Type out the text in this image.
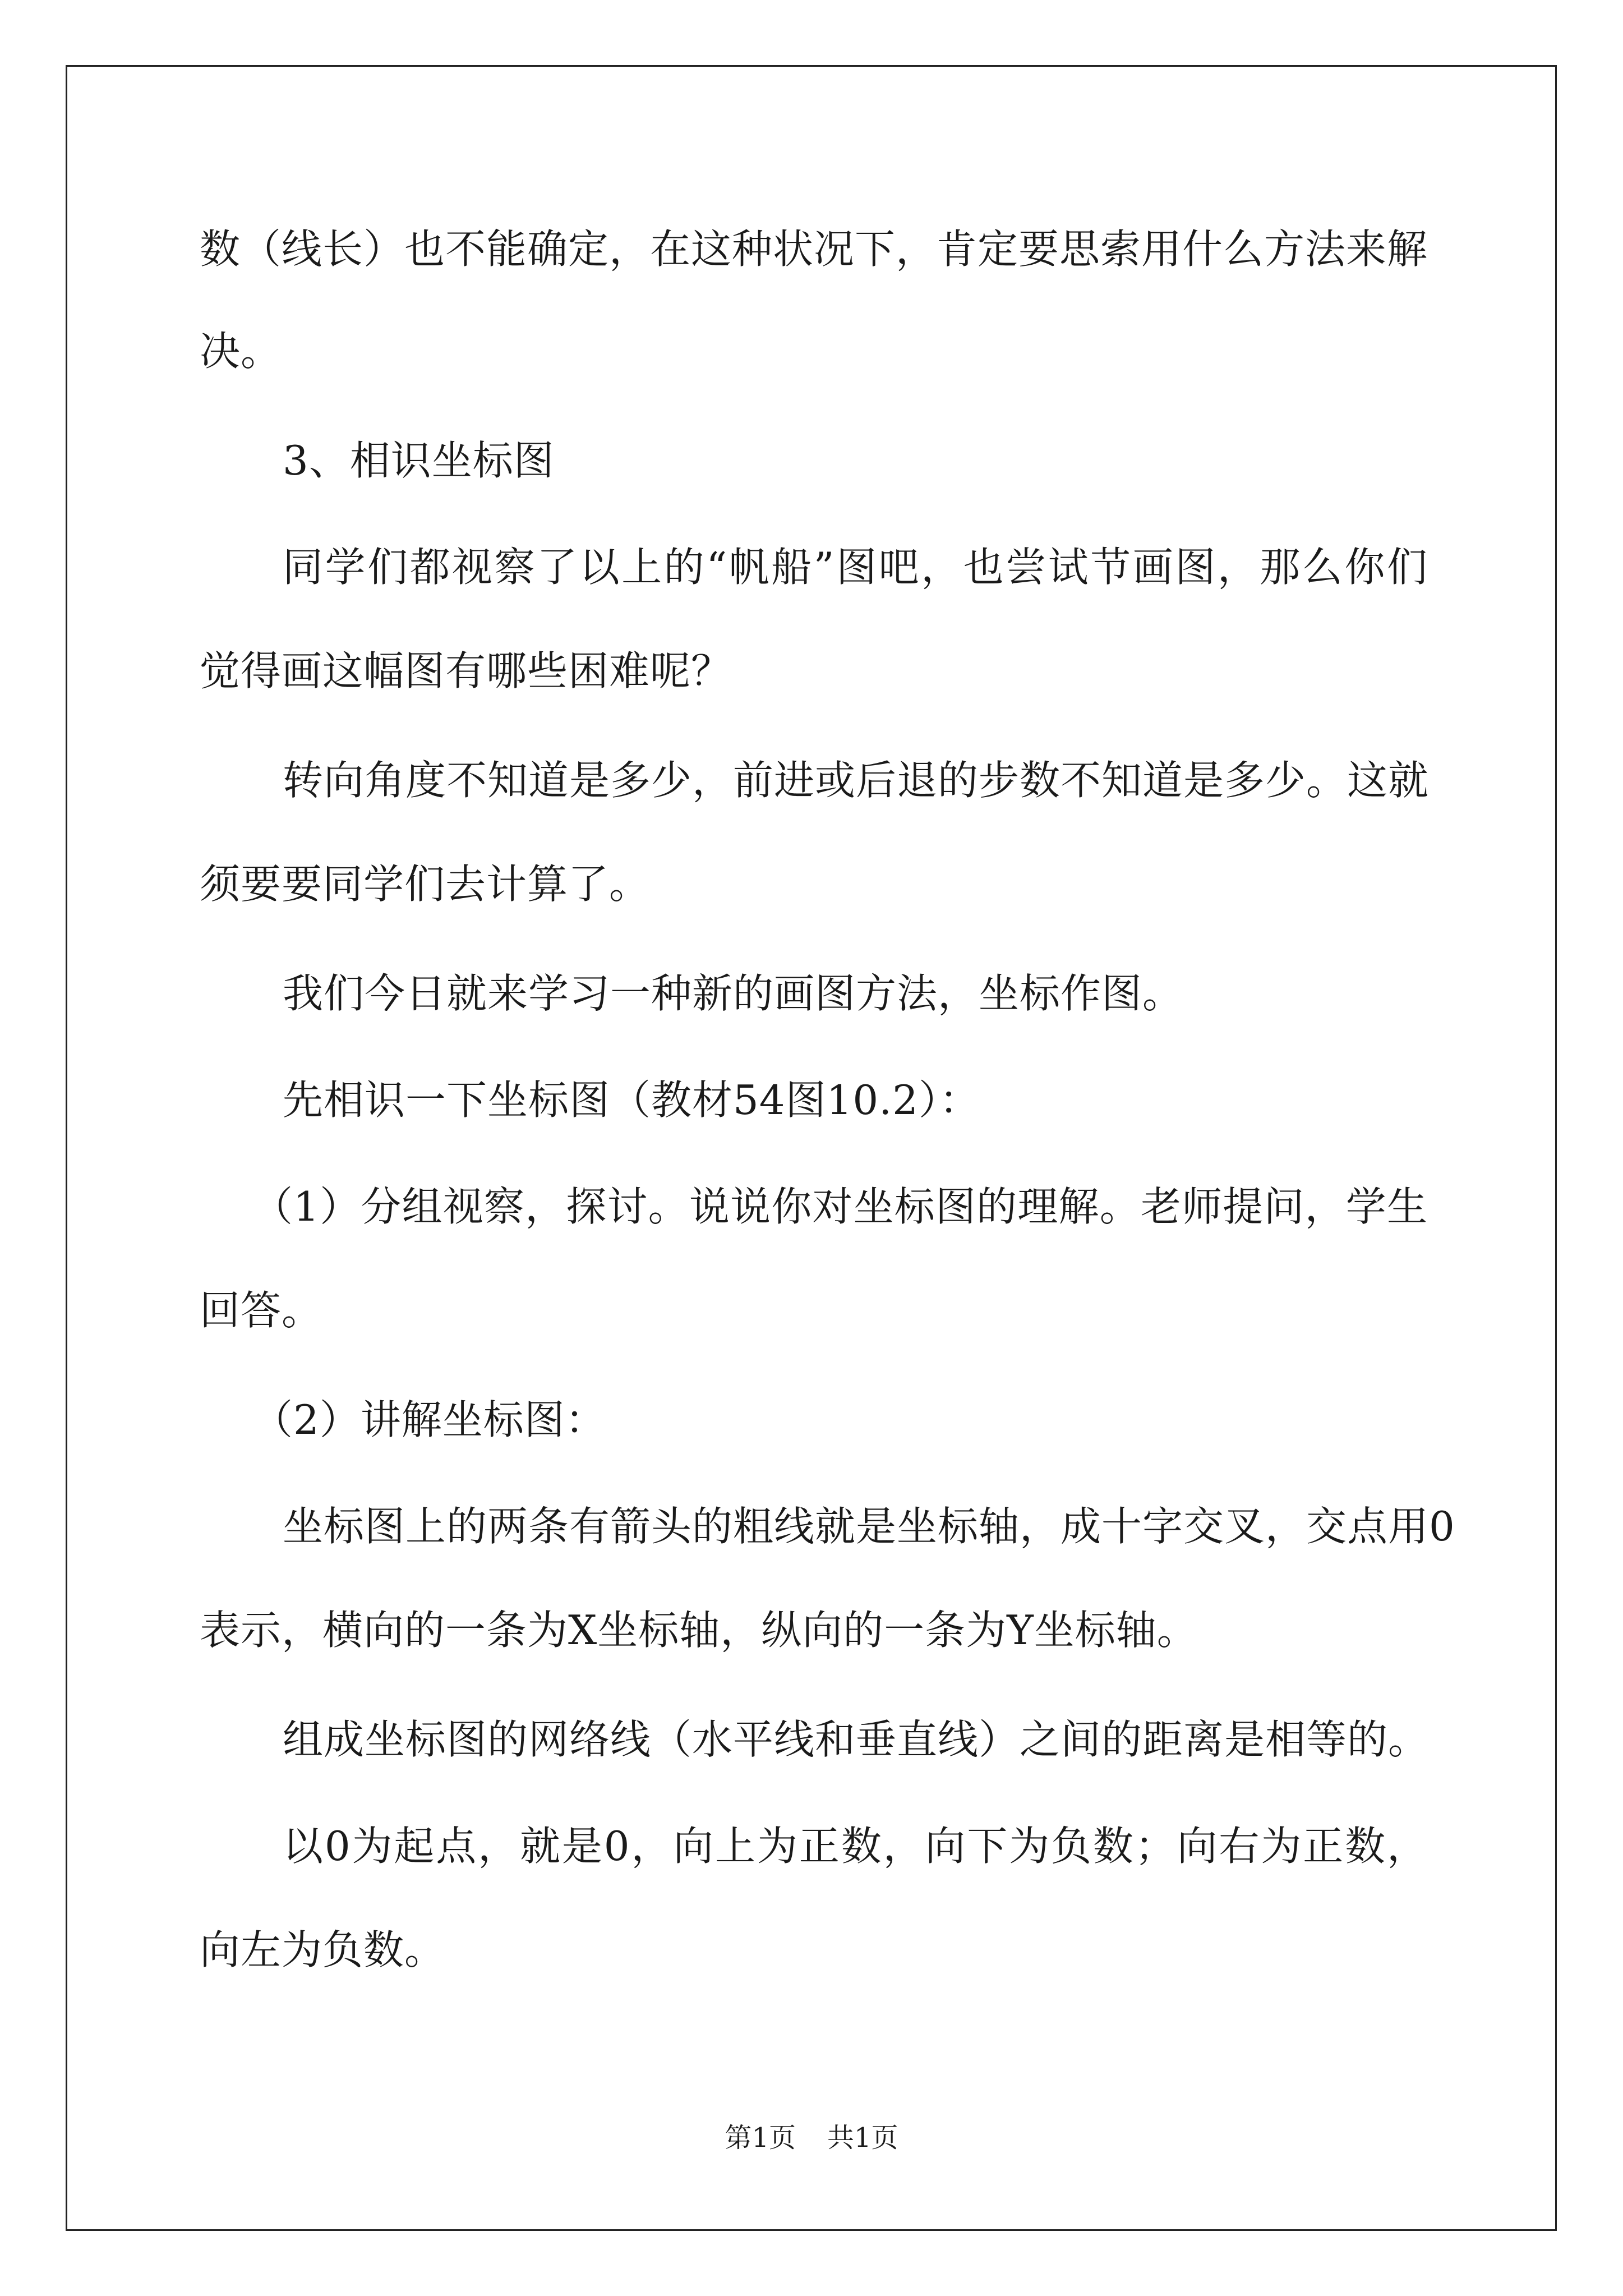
数（线长）也不能确定，在这种状况下，肯定要思索用什么方法来解

决。

3、相识坐标图

同学们都视察了以上的“帆船”图吧，也尝试节画图，那么你们

觉得画这幅图有哪些困难呢？

转向角度不知道是多少，前进或后退的步数不知道是多少。这就

须要要同学们去计算了。

我们今日就来学习一种新的画图方法，坐标作图。

先相识一下坐标图（教材54图10.2）：

（1）分组视察，探讨。说说你对坐标图的理解。老师提问，学生

回答。

（2）讲解坐标图：

坐标图上的两条有箭头的粗线就是坐标轴，成十字交叉，交点用0

表示，横向的一条为X坐标轴，纵向的一条为Y坐标轴。

组成坐标图的网络线（水平线和垂直线）之间的距离是相等的。

以0为起点，就是0，向上为正数，向下为负数；向右为正数，

向左为负数。

第1页 共1页
